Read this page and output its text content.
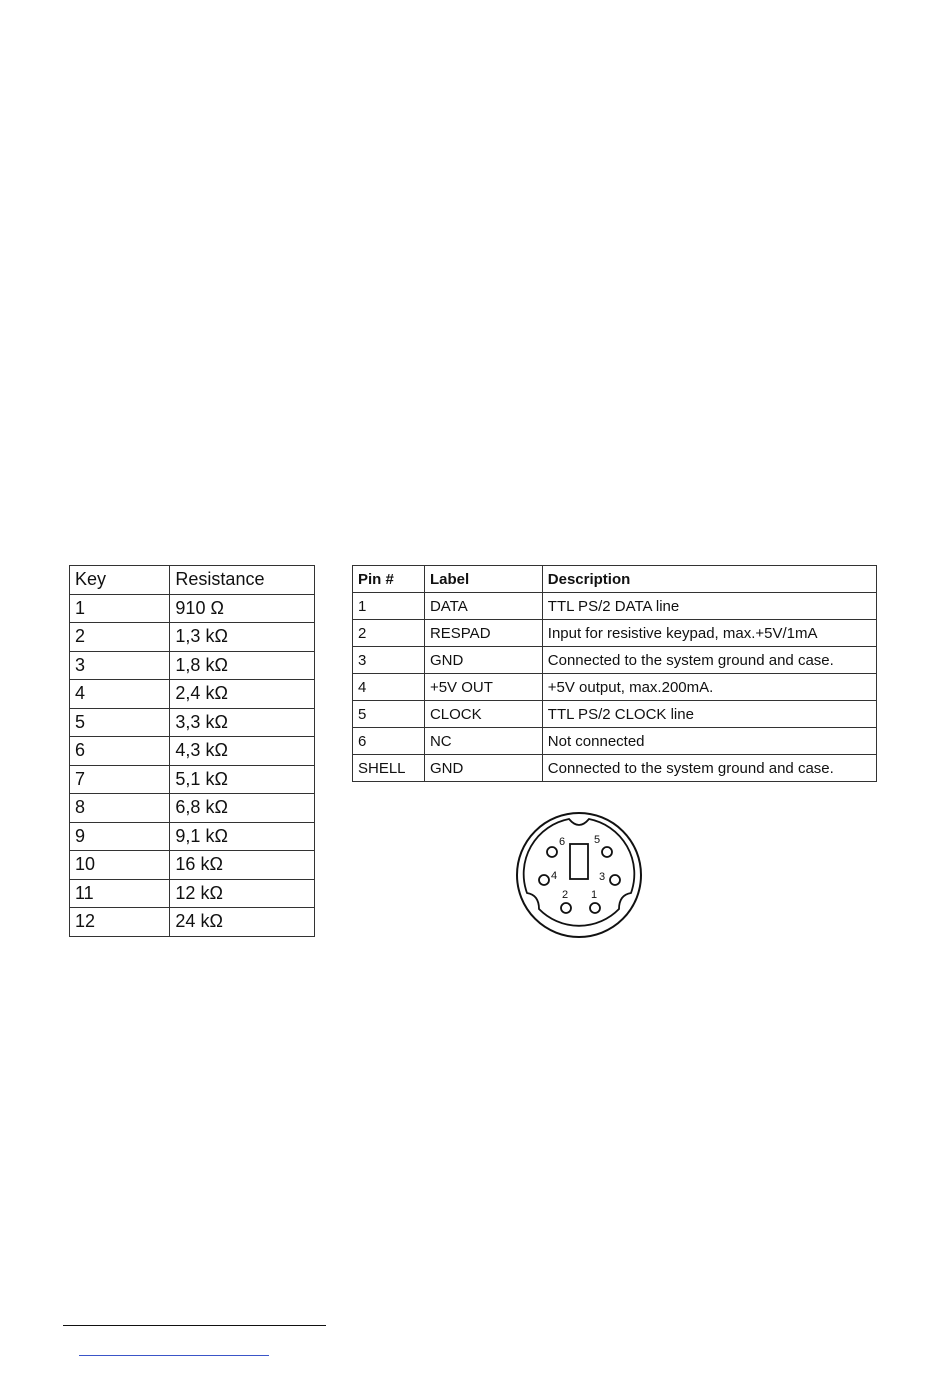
Key	Resistance
1	910 Ω
2	1,3 kΩ
3	1,8 kΩ
4	2,4 kΩ
5	3,3 kΩ
6	4,3 kΩ
7	5,1 kΩ
8	6,8 kΩ
9	9,1 kΩ
10	16 kΩ
11	12 kΩ
12	24 kΩ
Pin #	Label	Description
1	DATA	TTL PS/2 DATA line
2	RESPAD	Input for resistive keypad, max.+5V/1mA
3	GND	Connected to the system ground and case.
4	+5V OUT	+5V output, max.200mA.
5	CLOCK	TTL PS/2 CLOCK line
6	NC	Not connected
SHELL	GND	Connected to the system ground and case.
6	5
4	3
2 1
